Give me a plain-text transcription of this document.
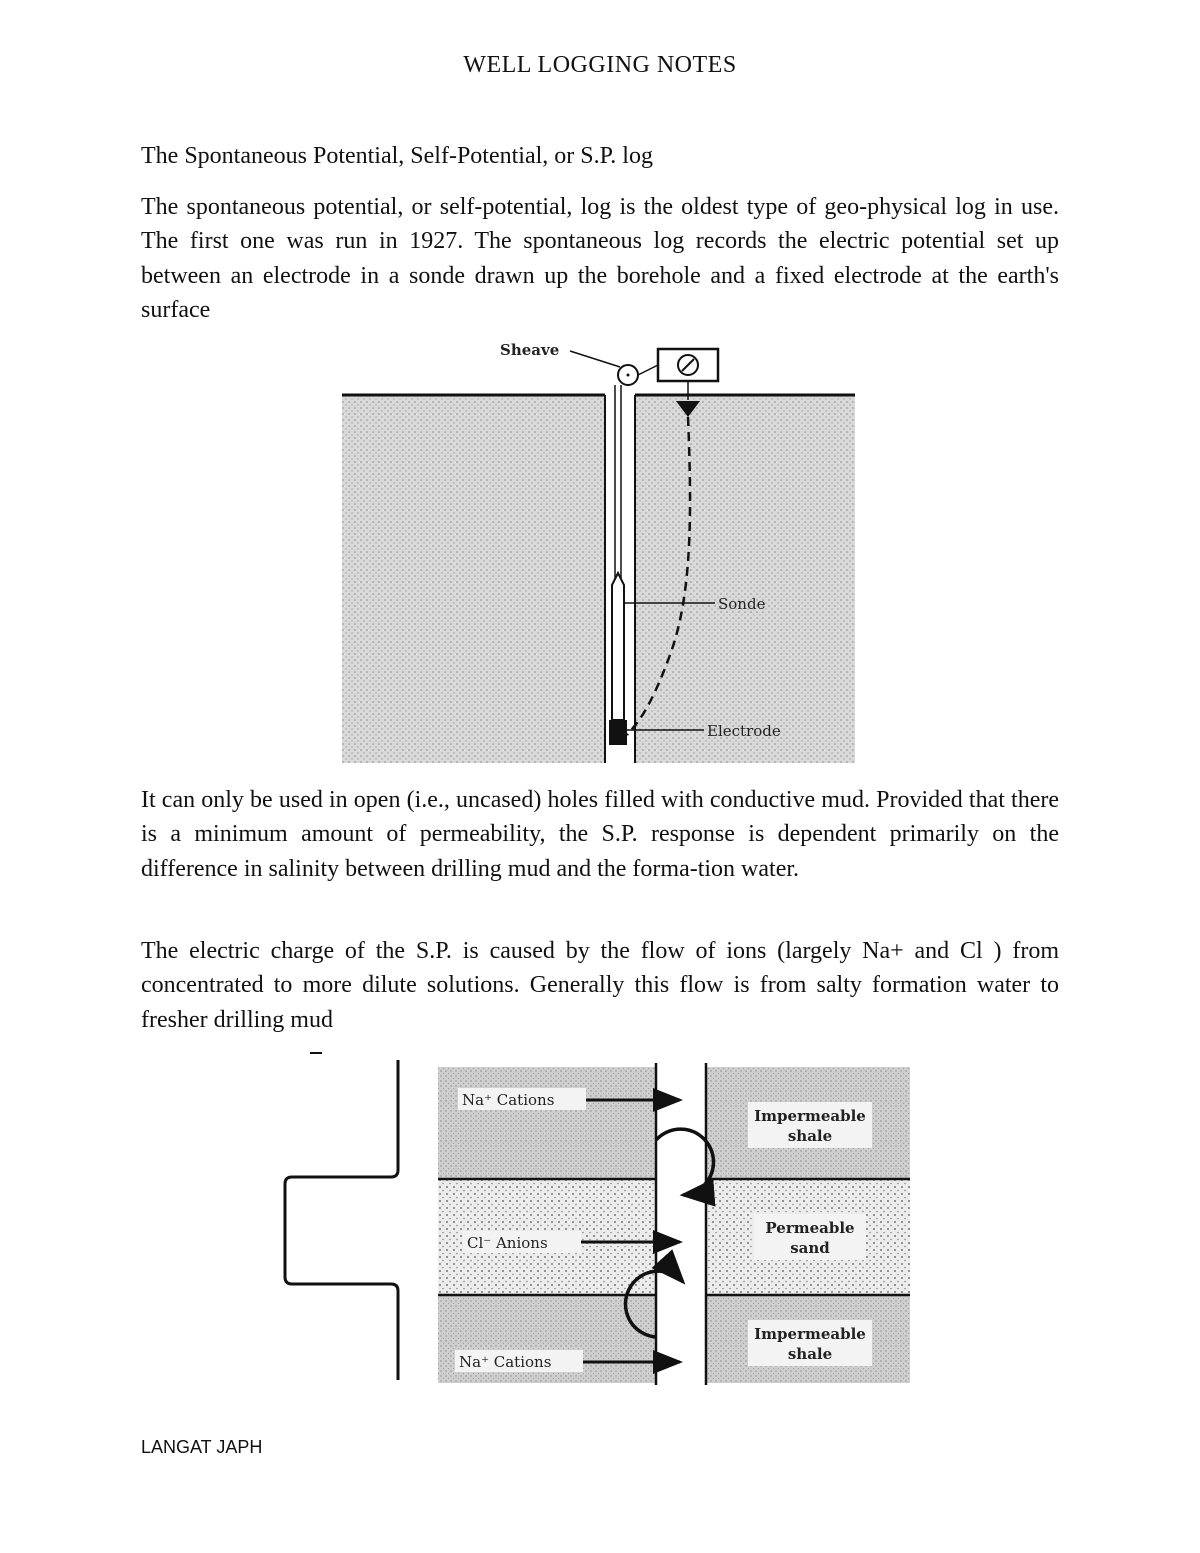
WELL LOGGING NOTES
The Spontaneous Potential, Self-Potential, or S.P. log

The spontaneous potential, or self-potential, log is the oldest type of geo-physical log in use. The first one was run in 1927. The spontaneous log records the electric potential set up between an electrode in a sonde drawn up the borehole and a fixed electrode at the earth's surface

Sheave
Sonde
Electrode

It can only be used in open (i.e., uncased) holes filled with conductive mud. Provided that there is a minimum amount of permeability, the S.P. response is dependent primarily on the difference in salinity between drilling mud and the forma-tion water.

The electric charge of the S.P. is caused by the flow of ions (largely Na+ and Cl ) from concentrated to more dilute solutions. Generally this flow is from salty formation water to fresher drilling mud

Na⁺ Cations
Cl⁻ Anions
Na⁺ Cations
Impermeable
shale
Permeable
sand
Impermeable
shale
LANGAT JAPH
